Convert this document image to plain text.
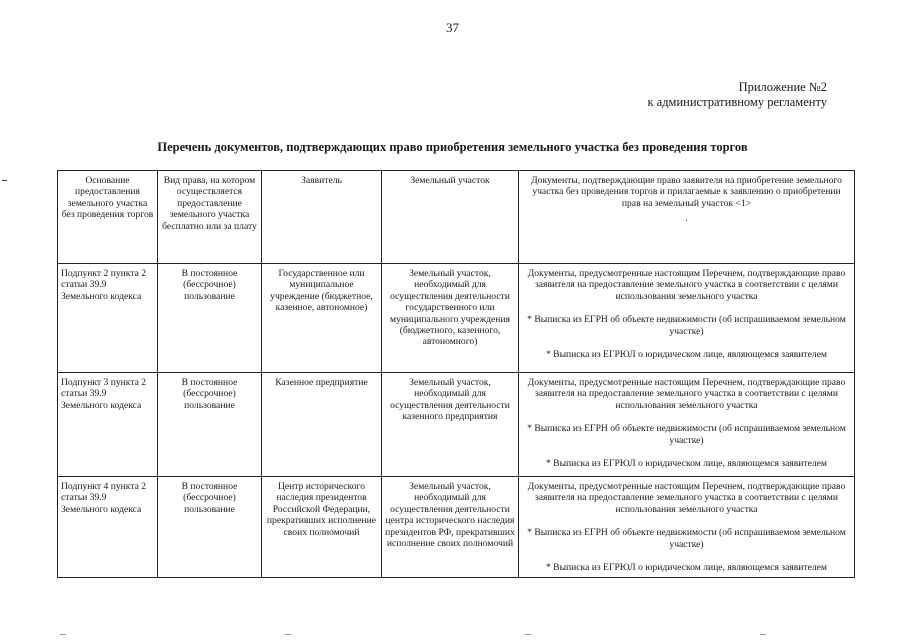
37
Приложение №2
к административному регламенту
Перечень документов, подтверждающих право приобретения земельного участка без проведения торгов
Основание предоставления земельного участка без проведения торгов	Вид права, на котором осуществляется предоставление земельного участка бесплатно или за плату	Заявитель	Земельный участок	Документы, подтверждающие право заявителя на приобретение земельного участка без проведения торгов и прилагаемые к заявлению о приобретении прав на земельный участок <1>
.

Подпункт 2 пункта 2 статьи 39.9 Земельного кодекса	В постоянное (бессрочное) пользование	Государственное или муниципальное учреждение (бюджетное, казенное, автономное)	Земельный участок, необходимый для осуществления деятельности государственного или муниципального учреждения (бюджетного, казенного, автономного)	Документы, предусмотренные настоящим Перечнем, подтверждающие право заявителя на предоставление земельного участка в соответствии с целями использования земельного участка
* Выписка из ЕГРН об объекте недвижимости (об испрашиваемом земельном участке)
* Выписка из ЕГРЮЛ о юридическом лице, являющемся заявителем

Подпункт 3 пункта 2 статьи 39.9 Земельного кодекса	В постоянное (бессрочное) пользование	Казенное предприятие	Земельный участок, необходимый для осуществления деятельности казенного предприятия	Документы, предусмотренные настоящим Перечнем, подтверждающие право заявителя на предоставление земельного участка в соответствии с целями использования земельного участка
* Выписка из ЕГРН об объекте недвижимости (об испрашиваемом земельном участке)
* Выписка из ЕГРЮЛ о юридическом лице, являющемся заявителем

Подпункт 4 пункта 2 статьи 39.9 Земельного кодекса	В постоянное (бессрочное) пользование	Центр исторического наследия президентов Российской Федерации, прекративших исполнение своих полномочий	Земельный участок, необходимый для осуществления деятельности центра исторического наследия президентов РФ, прекративших исполнение своих полномочий	Документы, предусмотренные настоящим Перечнем, подтверждающие право заявителя на предоставление земельного участка в соответствии с целями использования земельного участка
* Выписка из ЕГРН об объекте недвижимости (об испрашиваемом земельном участке)
* Выписка из ЕГРЮЛ о юридическом лице, являющемся заявителем
